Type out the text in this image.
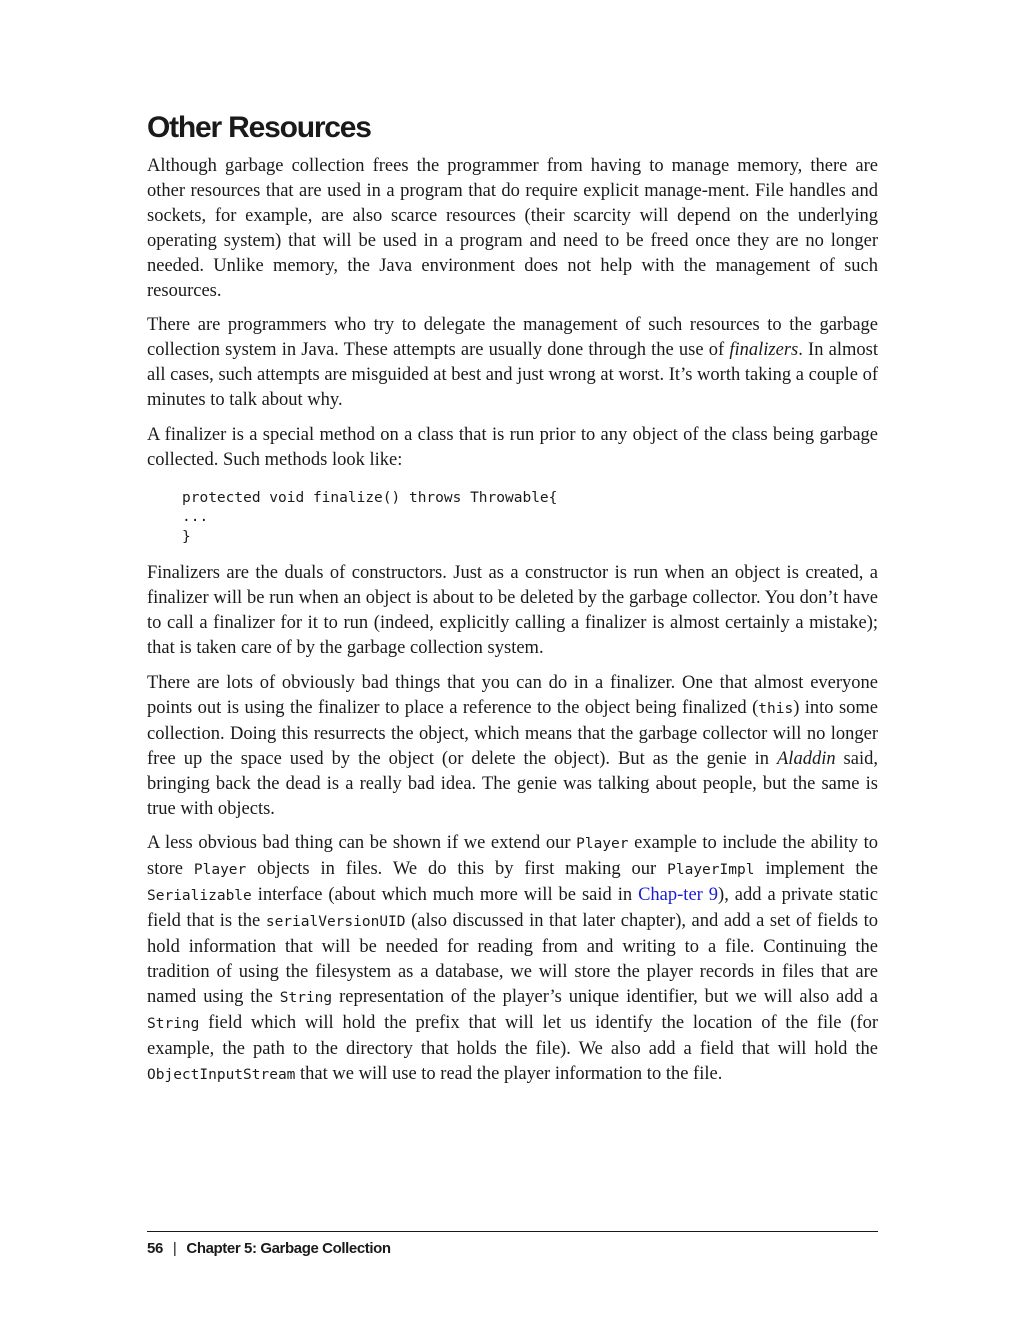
Other Resources

Although garbage collection frees the programmer from having to manage memory, there are other resources that are used in a program that do require explicit manage-ment. File handles and sockets, for example, are also scarce resources (their scarcity will depend on the underlying operating system) that will be used in a program and need to be freed once they are no longer needed. Unlike memory, the Java environment does not help with the management of such resources.

There are programmers who try to delegate the management of such resources to the garbage collection system in Java. These attempts are usually done through the use of finalizers. In almost all cases, such attempts are misguided at best and just wrong at worst. It’s worth taking a couple of minutes to talk about why.

A finalizer is a special method on a class that is run prior to any object of the class being garbage collected. Such methods look like:

protected void finalize() throws Throwable{
...
}

Finalizers are the duals of constructors. Just as a constructor is run when an object is created, a finalizer will be run when an object is about to be deleted by the garbage collector. You don’t have to call a finalizer for it to run (indeed, explicitly calling a finalizer is almost certainly a mistake); that is taken care of by the garbage collection system.

There are lots of obviously bad things that you can do in a finalizer. One that almost everyone points out is using the finalizer to place a reference to the object being finalized (this) into some collection. Doing this resurrects the object, which means that the garbage collector will no longer free up the space used by the object (or delete the object). But as the genie in Aladdin said, bringing back the dead is a really bad idea. The genie was talking about people, but the same is true with objects.

A less obvious bad thing can be shown if we extend our Player example to include the ability to store Player objects in files. We do this by first making our PlayerImpl implement the Serializable interface (about which much more will be said in Chap-ter 9), add a private static field that is the serialVersionUID (also discussed in that later chapter), and add a set of fields to hold information that will be needed for reading from and writing to a file. Continuing the tradition of using the filesystem as a database, we will store the player records in files that are named using the String representation of the player’s unique identifier, but we will also add a String field which will hold the prefix that will let us identify the location of the file (for example, the path to the directory that holds the file). We also add a field that will hold the ObjectInputStream that we will use to read the player information to the file.

56 | Chapter 5: Garbage Collection
